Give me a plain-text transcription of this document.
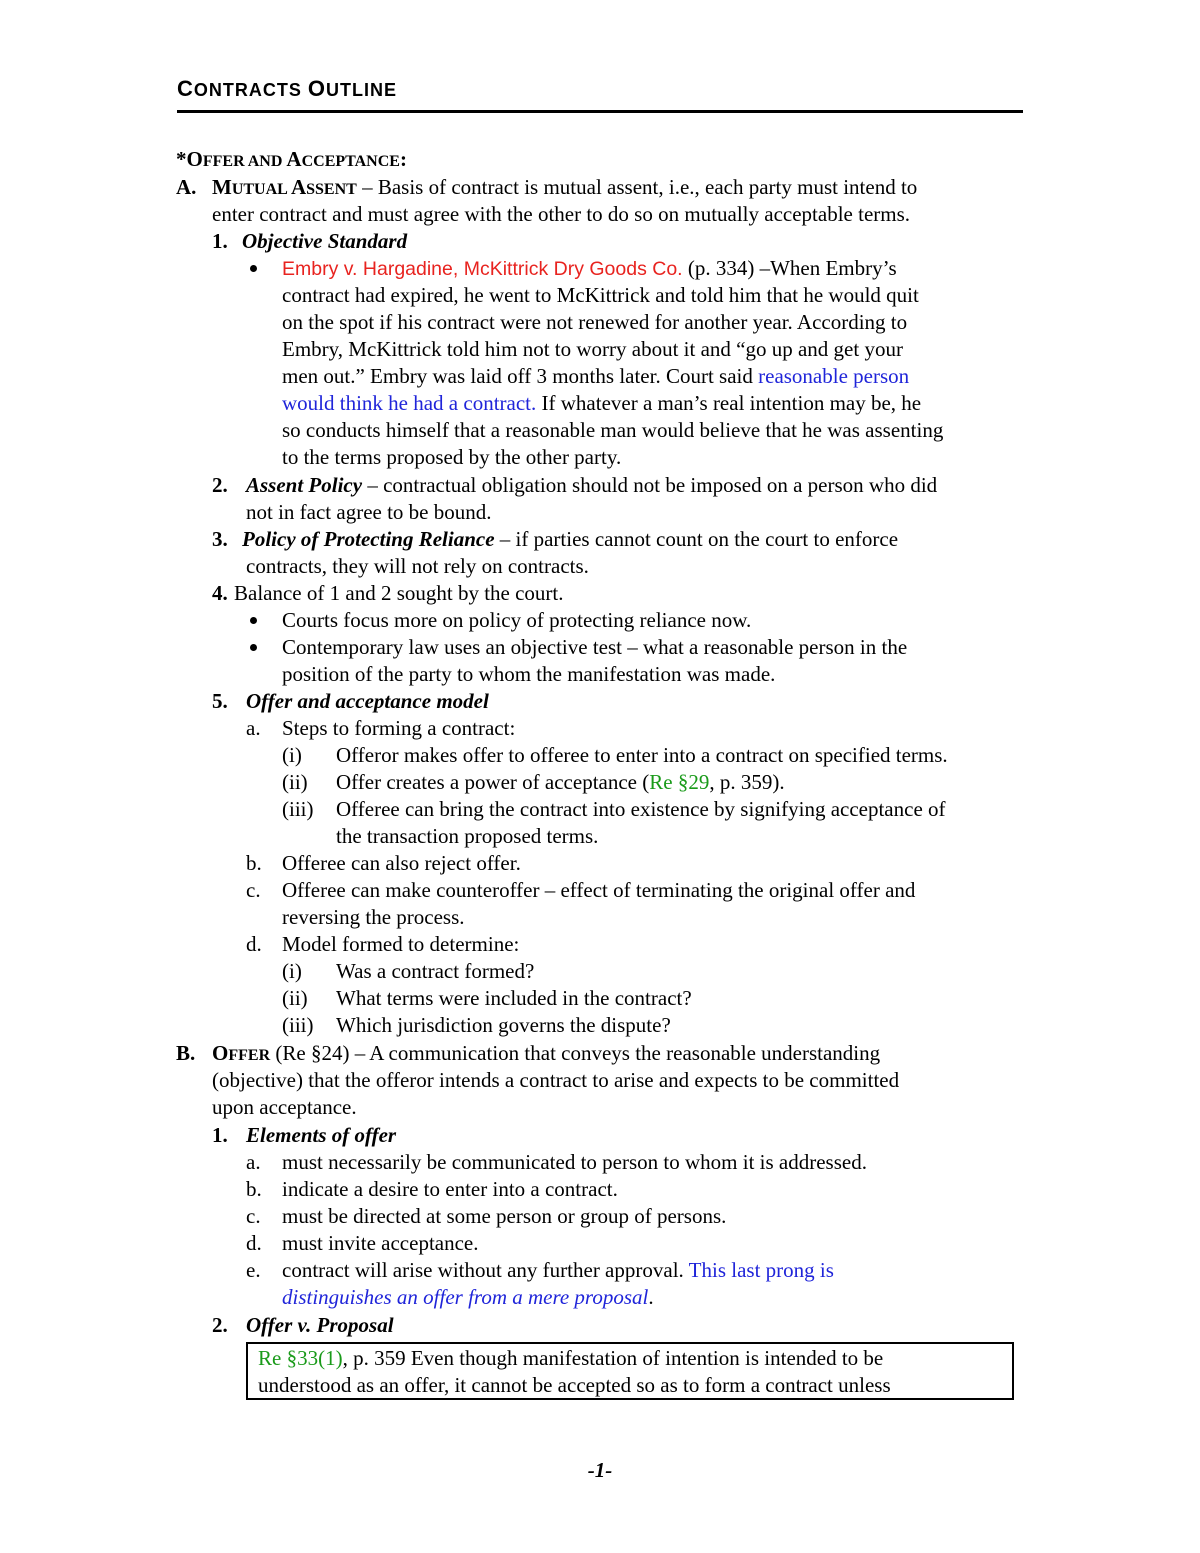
CONTRACTS OUTLINE
*OFFER AND ACCEPTANCE:
A. MUTUAL ASSENT – Basis of contract is mutual assent, i.e., each party must intend to
enter contract and must agree with the other to do so on mutually acceptable terms.
1. Objective Standard
Embry v. Hargadine, McKittrick Dry Goods Co. (p. 334) –When Embry’s
contract had expired, he went to McKittrick and told him that he would quit
on the spot if his contract were not renewed for another year. According to
Embry, McKittrick told him not to worry about it and “go up and get your
men out.” Embry was laid off 3 months later. Court said reasonable person
would think he had a contract. If whatever a man’s real intention may be, he
so conducts himself that a reasonable man would believe that he was assenting
to the terms proposed by the other party.
2. Assent Policy – contractual obligation should not be imposed on a person who did
not in fact agree to be bound.
3. Policy of Protecting Reliance – if parties cannot count on the court to enforce
contracts, they will not rely on contracts.
4. Balance of 1 and 2 sought by the court.
Courts focus more on policy of protecting reliance now.
Contemporary law uses an objective test – what a reasonable person in the
position of the party to whom the manifestation was made.
5. Offer and acceptance model
a. Steps to forming a contract:
(i) Offeror makes offer to offeree to enter into a contract on specified terms.
(ii) Offer creates a power of acceptance (Re §29, p. 359).
(iii) Offeree can bring the contract into existence by signifying acceptance of
the transaction proposed terms.
b. Offeree can also reject offer.
c. Offeree can make counteroffer – effect of terminating the original offer and
reversing the process.
d. Model formed to determine:
(i) Was a contract formed?
(ii) What terms were included in the contract?
(iii) Which jurisdiction governs the dispute?
B. OFFER (Re §24) – A communication that conveys the reasonable understanding
(objective) that the offeror intends a contract to arise and expects to be committed
upon acceptance.
1. Elements of offer
a. must necessarily be communicated to person to whom it is addressed.
b. indicate a desire to enter into a contract.
c. must be directed at some person or group of persons.
d. must invite acceptance.
e. contract will arise without any further approval. This last prong is
distinguishes an offer from a mere proposal.
2. Offer v. Proposal
Re §33(1), p. 359 Even though manifestation of intention is intended to be
understood as an offer, it cannot be accepted so as to form a contract unless
-1-
